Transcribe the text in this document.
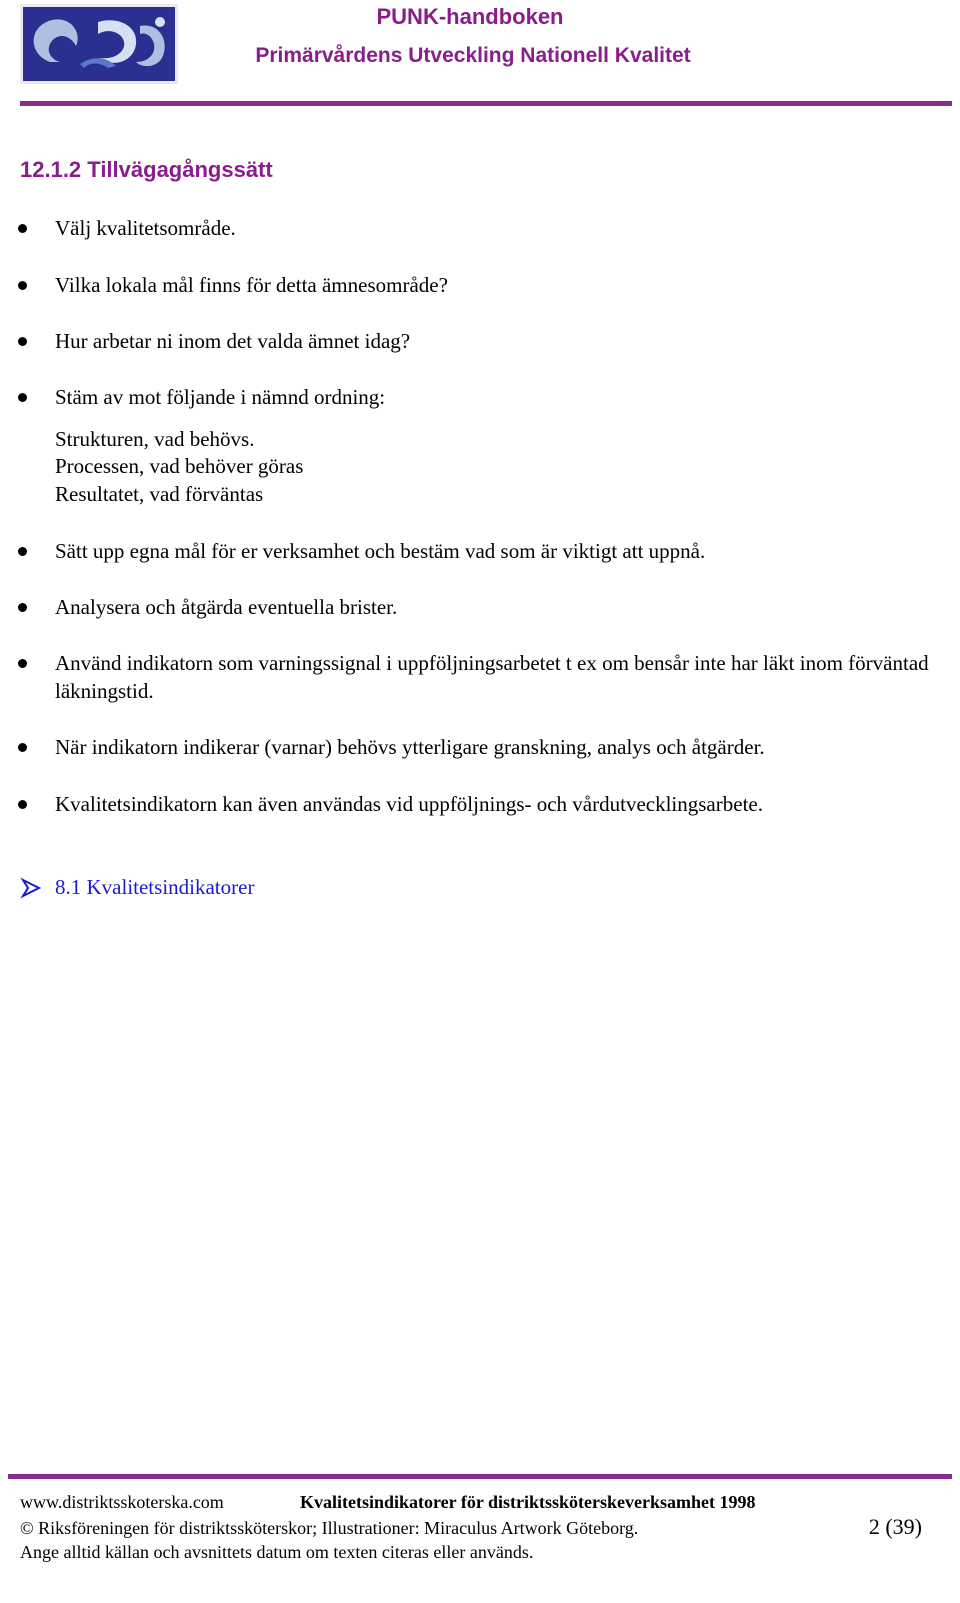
PUNK-handboken
Primärvårdens Utveckling Nationell Kvalitet
12.1.2 Tillvägagångssätt
Välj kvalitetsområde.
Vilka lokala mål finns för detta ämnesområde?
Hur arbetar ni inom det valda ämnet idag?
Stäm av mot följande i nämnd ordning:
Strukturen, vad behövs.
Processen, vad behöver göras
Resultatet, vad förväntas
Sätt upp egna mål för er verksamhet och bestäm vad som är viktigt att uppnå.
Analysera och åtgärda eventuella brister.
Använd indikatorn som varningssignal i uppföljningsarbetet t ex om bensår inte har läkt inom förväntad läkningstid.
När indikatorn indikerar (varnar) behövs ytterligare granskning, analys och åtgärder.
Kvalitetsindikatorn kan även användas vid uppföljnings- och vårdutvecklingsarbete.
8.1 Kvalitetsindikatorer
www.distriktsskoterska.com	Kvalitetsindikatorer för distriktssköterskeverksamhet 1998
© Riksföreningen för distriktssköterskor; Illustrationer: Miraculus Artwork Göteborg.	2 (39)
Ange alltid källan och avsnittets datum om texten citeras eller används.
